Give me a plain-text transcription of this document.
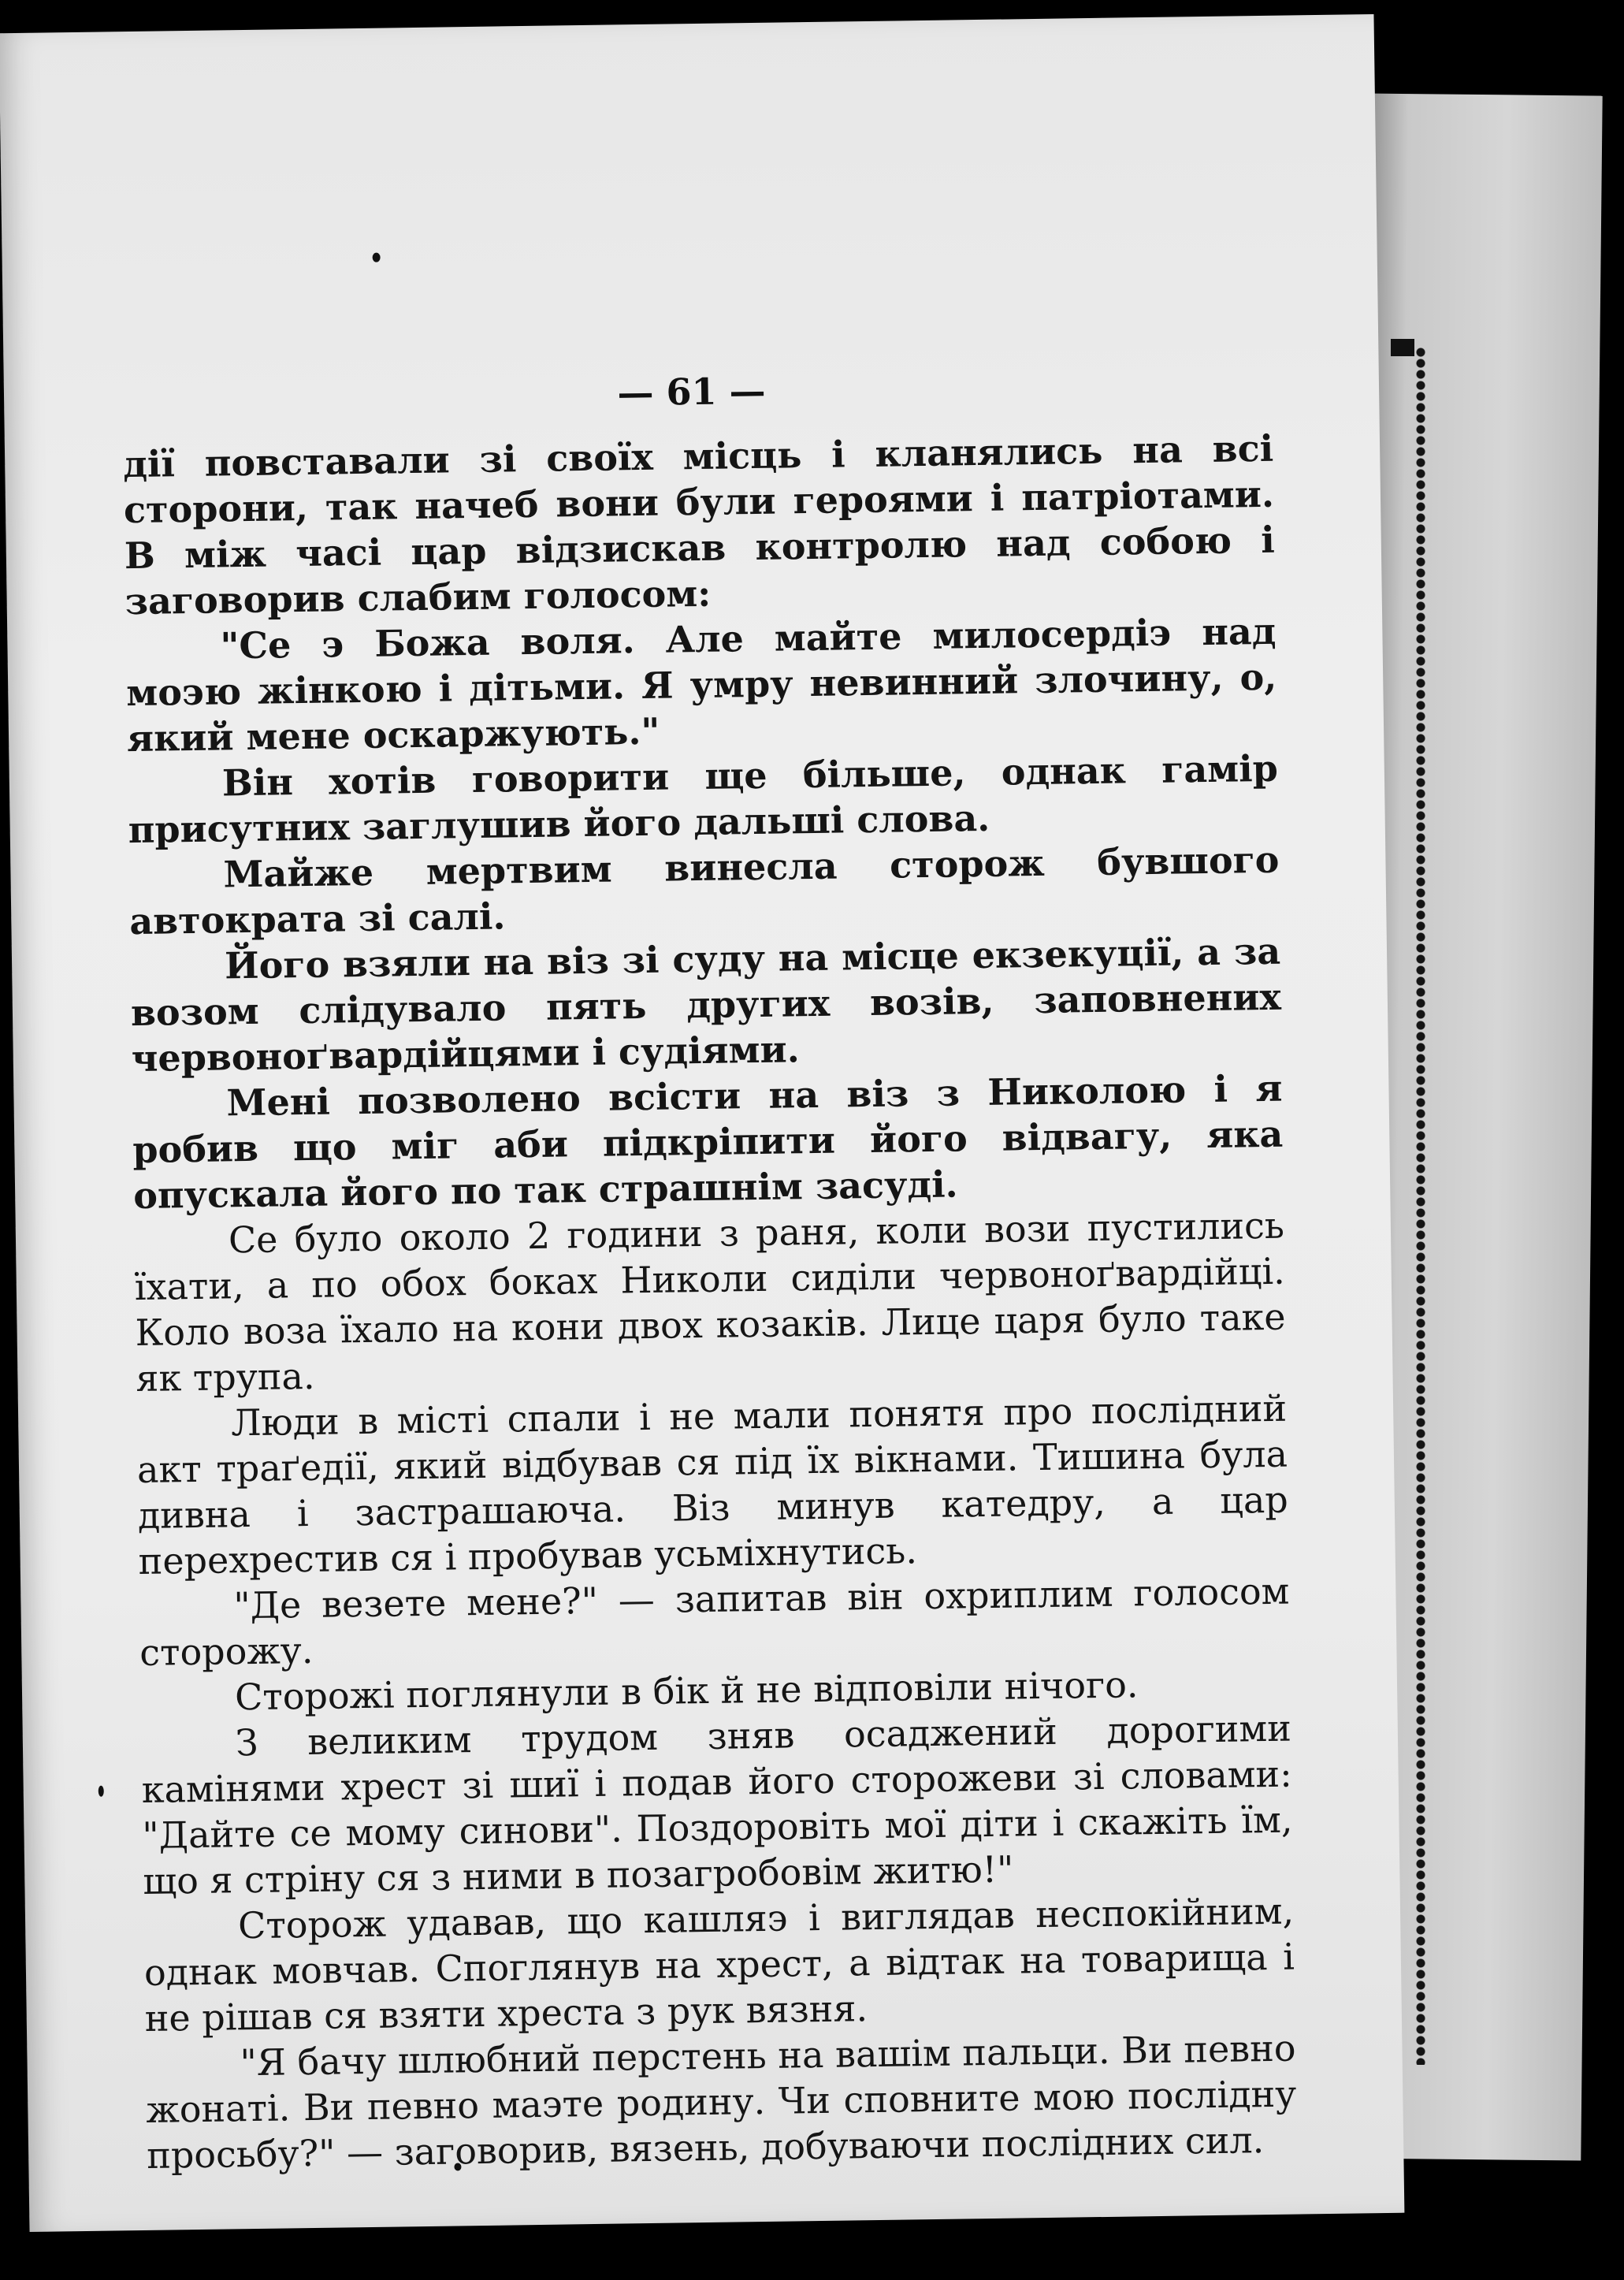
— 61 —

дії повставали зі своїх місць і кланялись на всі сторони, так начеб вони були героями і патріотами. В між часі цар відзискав контролю над собою і заговорив слабим голосом:

"Се э Божа воля. Але майте милосердіэ над моэю жінкою і дітьми. Я умру невинний злочину, о, який мене оскаржують."

Він хотів говорити ще більше, однак гамір присутних заглушив його дальші слова.

Майже мертвим винесла сторож бувшого автократа зі салі.

Його взяли на віз зі суду на місце екзекуції, а за возом слідувало пять других возів, заповнених червоноґвардійцями і судіями.

Мені позволено всісти на віз з Николою і я робив що міг аби підкріпити його відвагу, яка опускала його по так страшнім засуді.

Се було около 2 години з раня, коли вози пустились їхати, а по обох боках Николи сиділи червоноґвардійці. Коло воза їхало на кони двох козаків. Лице царя було таке як трупа.

Люди в місті спали і не мали понятя про послідний акт траґедії, який відбував ся під їх вікнами. Тишина була дивна і застрашаюча. Віз минув катедру, а цар перехрестив ся і пробував усьміхнутись.

"Де везете мене?" — запитав він охриплим голосом сторожу.

Сторожі поглянули в бік й не відповіли нічого.

З великим трудом зняв осаджений дорогими камінями хрест зі шиї і подав його сторожеви зі словами: "Дайте се мому синови". Поздоровіть мої діти і скажіть їм, що я стріну ся з ними в позагробовім житю!"

Сторож удавав, що кашляэ і виглядав неспокійним, однак мовчав. Споглянув на хрест, а відтак на товарища і не рішав ся взяти хреста з рук вязня.

"Я бачу шлюбний перстень на вашім пальци. Ви певно жонаті. Ви певно маэте родину. Чи сповните мою послідну просьбу?" — заговорив, вязень, добуваючи послідних сил.
